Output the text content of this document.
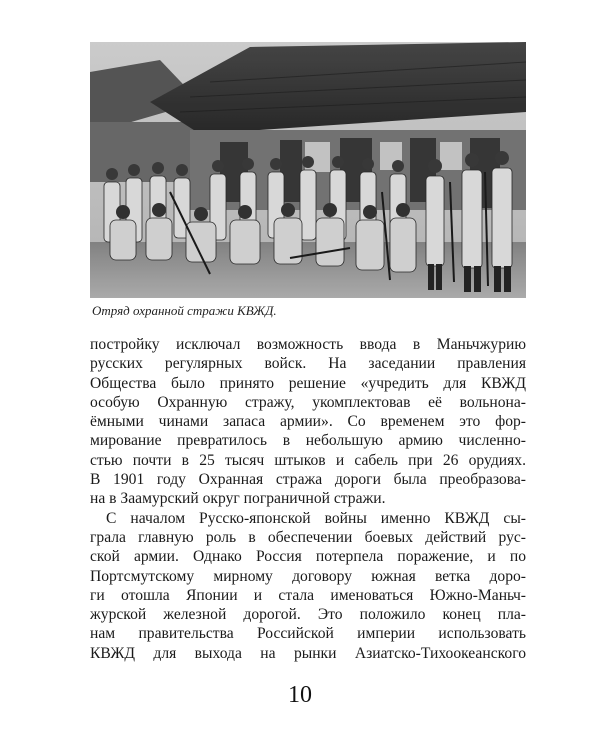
Отряд охранной стражи КВЖД.

постройку исключал возможность ввода в Маньчжурию
русских регулярных войск. На заседании правления
Общества было принято решение «учредить для КВЖД
особую Охранную стражу, укомплектовав её вольнона-
ёмными чинами запаса армии». Со временем это фор-
мирование превратилось в небольшую армию численно-
стью почти в 25 тысяч штыков и сабель при 26 орудиях.
В 1901 году Охранная стража дороги была преобразова-
на в Заамурский округ пограничной стражи.
С началом Русско-японской войны именно КВЖД сы-
грала главную роль в обеспечении боевых действий рус-
ской армии. Однако Россия потерпела поражение, и по
Портсмутскому мирному договору южная ветка доро-
ги отошла Японии и стала именоваться Южно-Маньч-
журской железной дорогой. Это положило конец пла-
нам правительства Российской империи использовать
КВЖД для выхода на рынки Азиатско-Тихоокеанского
10
